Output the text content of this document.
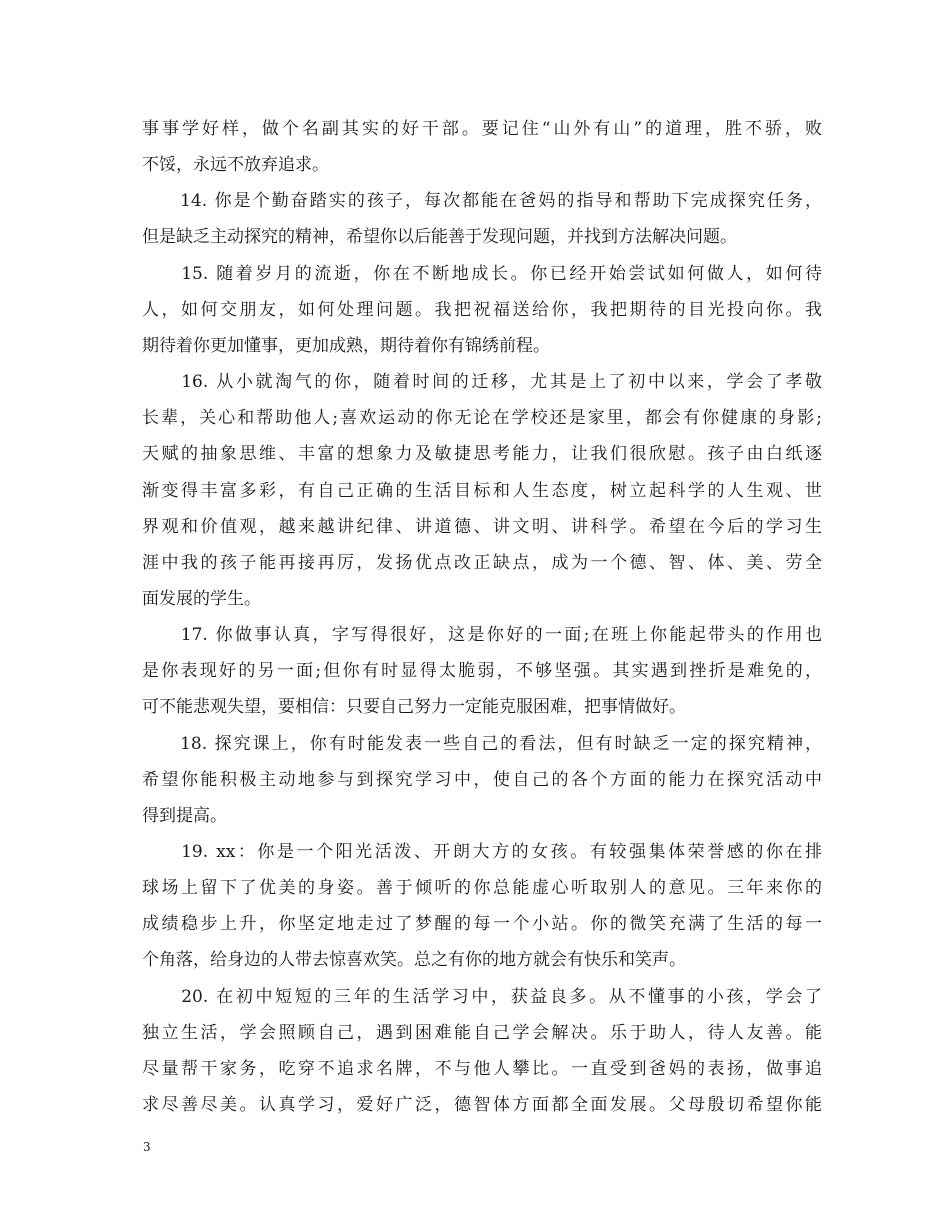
事事学好样，做个名副其实的好干部。要记住“山外有山”的道理，胜不骄，败
不馁，永远不放弃追求。
　　14. 你是个勤奋踏实的孩子，每次都能在爸妈的指导和帮助下完成探究任务，
但是缺乏主动探究的精神，希望你以后能善于发现问题，并找到方法解决问题。
　　15. 随着岁月的流逝，你在不断地成长。你已经开始尝试如何做人，如何待
人，如何交朋友，如何处理问题。我把祝福送给你，我把期待的目光投向你。我
期待着你更加懂事，更加成熟，期待着你有锦绣前程。
　　16. 从小就淘气的你，随着时间的迁移，尤其是上了初中以来，学会了孝敬
长辈，关心和帮助他人;喜欢运动的你无论在学校还是家里，都会有你健康的身影;
天赋的抽象思维、丰富的想象力及敏捷思考能力，让我们很欣慰。孩子由白纸逐
渐变得丰富多彩，有自己正确的生活目标和人生态度，树立起科学的人生观、世
界观和价值观，越来越讲纪律、讲道德、讲文明、讲科学。希望在今后的学习生
涯中我的孩子能再接再厉，发扬优点改正缺点，成为一个德、智、体、美、劳全
面发展的学生。
　　17. 你做事认真，字写得很好，这是你好的一面;在班上你能起带头的作用也
是你表现好的另一面;但你有时显得太脆弱，不够坚强。其实遇到挫折是难免的，
可不能悲观失望，要相信：只要自己努力一定能克服困难，把事情做好。
　　18. 探究课上，你有时能发表一些自己的看法，但有时缺乏一定的探究精神，
希望你能积极主动地参与到探究学习中，使自己的各个方面的能力在探究活动中
得到提高。
　　19. xx：你是一个阳光活泼、开朗大方的女孩。有较强集体荣誉感的你在排
球场上留下了优美的身姿。善于倾听的你总能虚心听取别人的意见。三年来你的
成绩稳步上升，你坚定地走过了梦醒的每一个小站。你的微笑充满了生活的每一
个角落，给身边的人带去惊喜欢笑。总之有你的地方就会有快乐和笑声。
　　20. 在初中短短的三年的生活学习中，获益良多。从不懂事的小孩，学会了
独立生活，学会照顾自己，遇到困难能自己学会解决。乐于助人，待人友善。能
尽量帮干家务，吃穿不追求名牌，不与他人攀比。一直受到爸妈的表扬，做事追
求尽善尽美。认真学习，爱好广泛，德智体方面都全面发展。父母殷切希望你能
3
